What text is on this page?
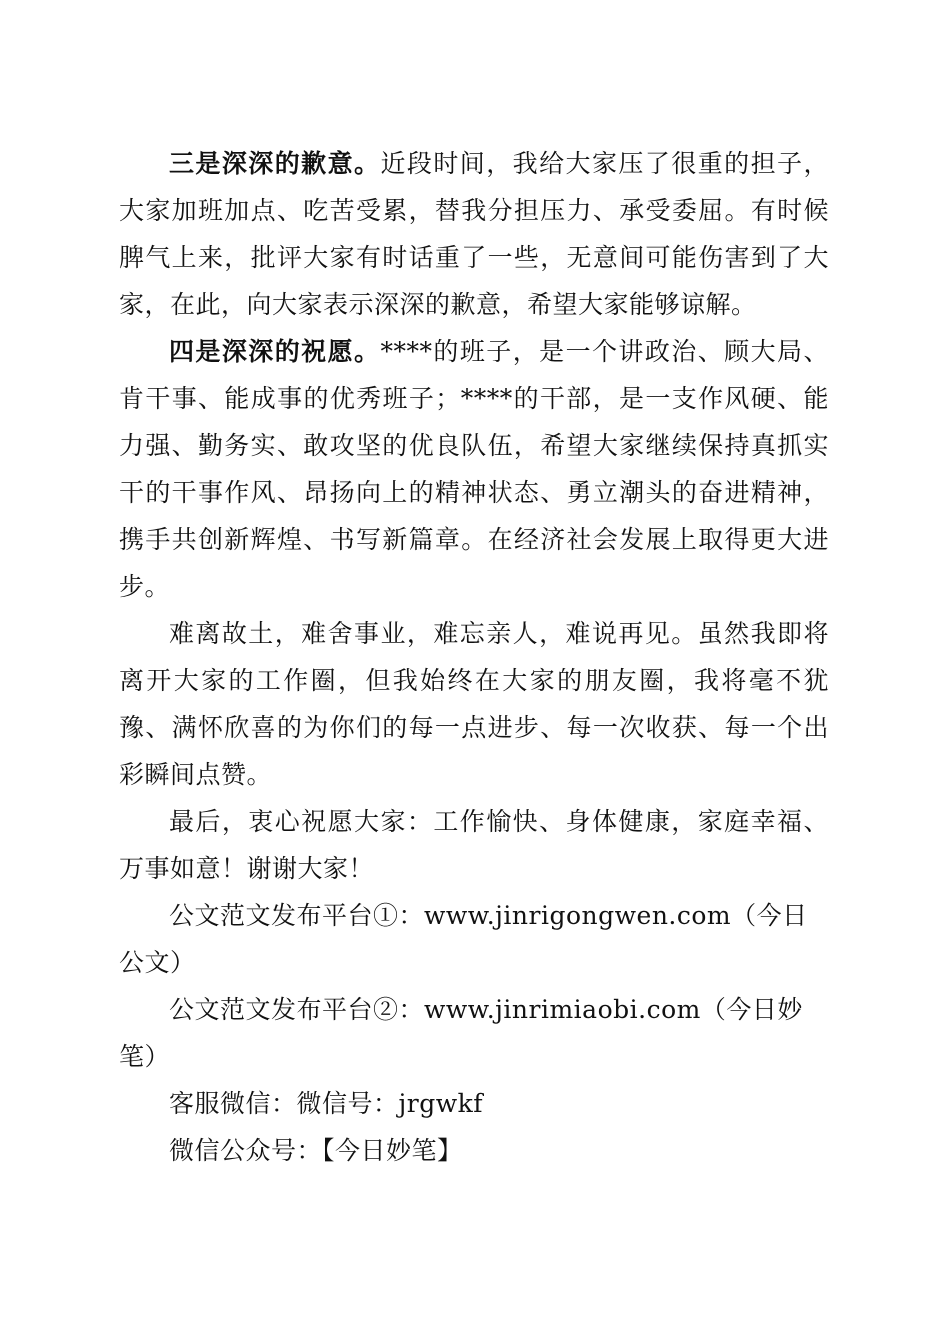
三是深深的歉意。近段时间，我给大家压了很重的担子，大家加班加点、吃苦受累，替我分担压力、承受委屈。有时候脾气上来，批评大家有时话重了一些，无意间可能伤害到了大家，在此，向大家表示深深的歉意，希望大家能够谅解。

四是深深的祝愿。****的班子，是一个讲政治、顾大局、肯干事、能成事的优秀班子；****的干部，是一支作风硬、能力强、勤务实、敢攻坚的优良队伍，希望大家继续保持真抓实干的干事作风、昂扬向上的精神状态、勇立潮头的奋进精神，携手共创新辉煌、书写新篇章。在经济社会发展上取得更大进步。

难离故土，难舍事业，难忘亲人，难说再见。虽然我即将离开大家的工作圈，但我始终在大家的朋友圈，我将毫不犹豫、满怀欣喜的为你们的每一点进步、每一次收获、每一个出彩瞬间点赞。

最后，衷心祝愿大家：工作愉快、身体健康，家庭幸福、万事如意！谢谢大家！

公文范文发布平台①：www.jinrigongwen.com（今日公文）

公文范文发布平台②：www.jinrimiaobi.com（今日妙笔）

客服微信：微信号：jrgwkf

微信公众号：【今日妙笔】
